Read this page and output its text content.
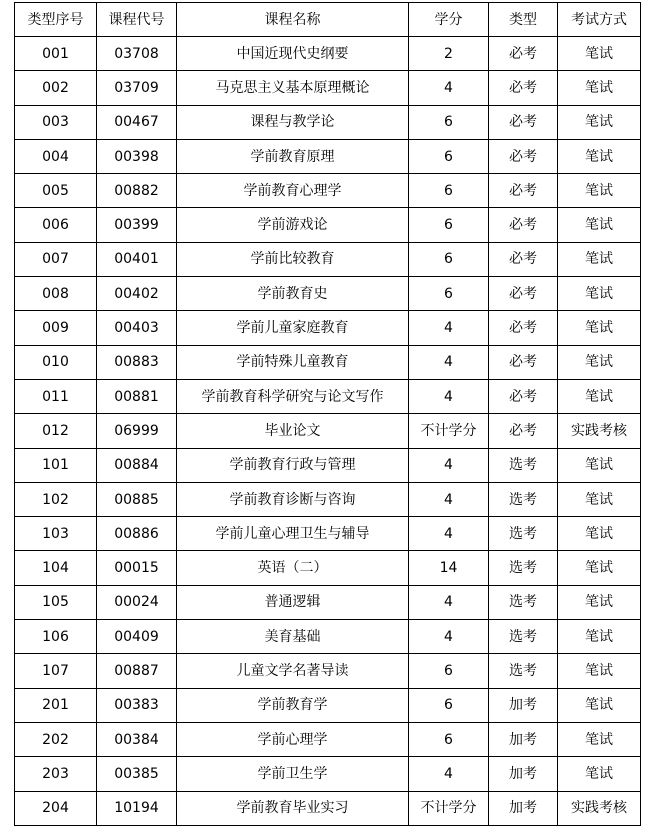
类型序号	课程代号	课程名称	学分	类型	考试方式
001	03708	中国近现代史纲要	2	必考	笔试
002	03709	马克思主义基本原理概论	4	必考	笔试
003	00467	课程与教学论	6	必考	笔试
004	00398	学前教育原理	6	必考	笔试
005	00882	学前教育心理学	6	必考	笔试
006	00399	学前游戏论	6	必考	笔试
007	00401	学前比较教育	6	必考	笔试
008	00402	学前教育史	6	必考	笔试
009	00403	学前儿童家庭教育	4	必考	笔试
010	00883	学前特殊儿童教育	4	必考	笔试
011	00881	学前教育科学研究与论文写作	4	必考	笔试
012	06999	毕业论文	不计学分	必考	实践考核
101	00884	学前教育行政与管理	4	选考	笔试
102	00885	学前教育诊断与咨询	4	选考	笔试
103	00886	学前儿童心理卫生与辅导	4	选考	笔试
104	00015	英语（二）	14	选考	笔试
105	00024	普通逻辑	4	选考	笔试
106	00409	美育基础	4	选考	笔试
107	00887	儿童文学名著导读	6	选考	笔试
201	00383	学前教育学	6	加考	笔试
202	00384	学前心理学	6	加考	笔试
203	00385	学前卫生学	4	加考	笔试
204	10194	学前教育毕业实习	不计学分	加考	实践考核
